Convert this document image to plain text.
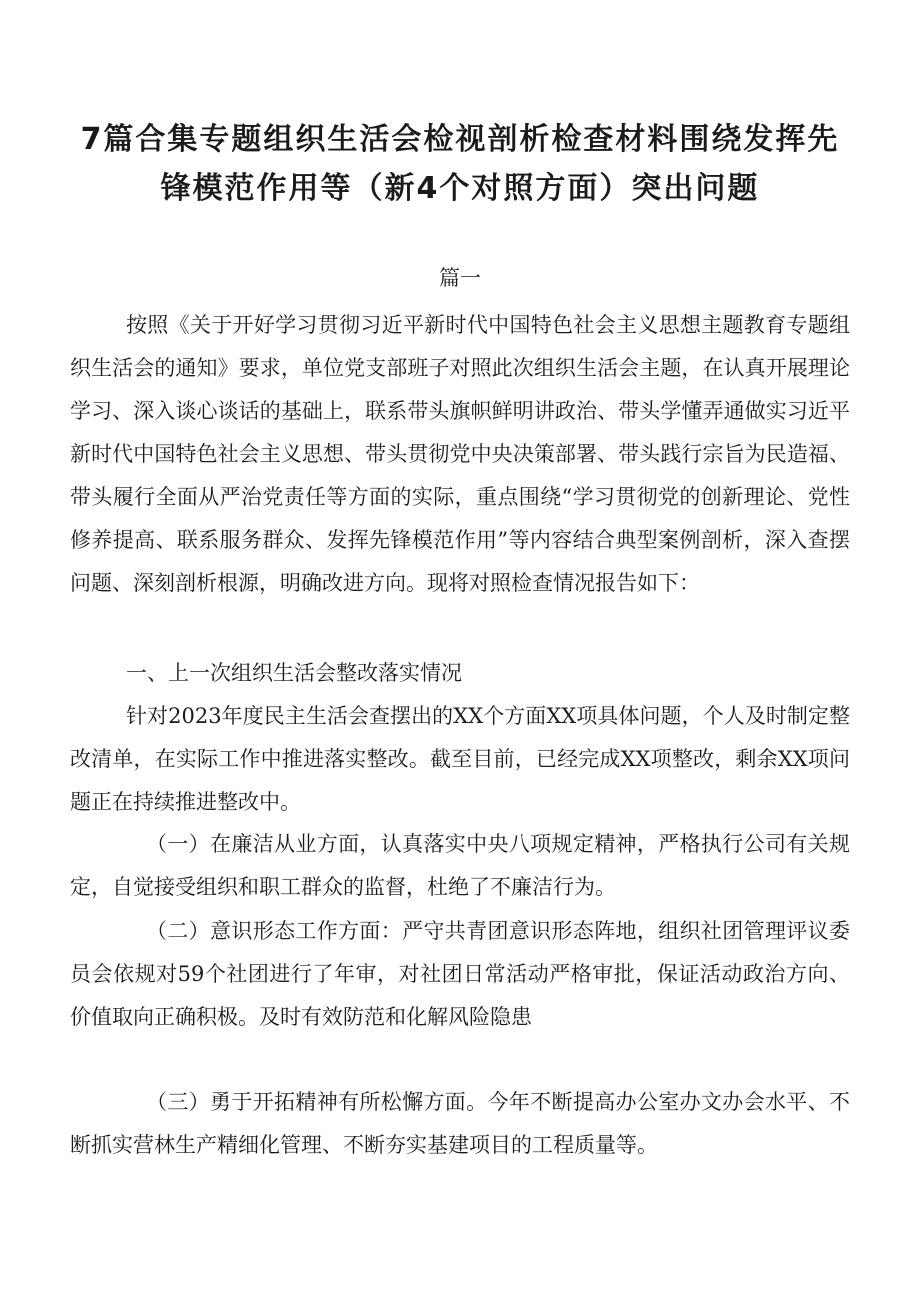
7篇合集专题组织生活会检视剖析检查材料围绕发挥先
锋模范作用等（新4个对照方面）突出问题
篇一

按照《关于开好学习贯彻习近平新时代中国特色社会主义思想主题教育专题组织生活会的通知》要求，单位党支部班子对照此次组织生活会主题，在认真开展理论学习、深入谈心谈话的基础上，联系带头旗帜鲜明讲政治、带头学懂弄通做实习近平新时代中国特色社会主义思想、带头贯彻党中央决策部署、带头践行宗旨为民造福、带头履行全面从严治党责任等方面的实际，重点围绕“学习贯彻党的创新理论、党性修养提高、联系服务群众、发挥先锋模范作用”等内容结合典型案例剖析，深入查摆问题、深刻剖析根源，明确改进方向。现将对照检查情况报告如下：

一、上一次组织生活会整改落实情况

针对2023年度民主生活会查摆出的XX个方面XX项具体问题，个人及时制定整改清单，在实际工作中推进落实整改。截至目前，已经完成XX项整改，剩余XX项问题正在持续推进整改中。

（一）在廉洁从业方面，认真落实中央八项规定精神，严格执行公司有关规定，自觉接受组织和职工群众的监督，杜绝了不廉洁行为。

（二）意识形态工作方面：严守共青团意识形态阵地，组织社团管理评议委员会依规对59个社团进行了年审，对社团日常活动严格审批，保证活动政治方向、价值取向正确积极。及时有效防范和化解风险隐患

（三）勇于开拓精神有所松懈方面。今年不断提高办公室办文办会水平、不断抓实营林生产精细化管理、不断夯实基建项目的工程质量等。
